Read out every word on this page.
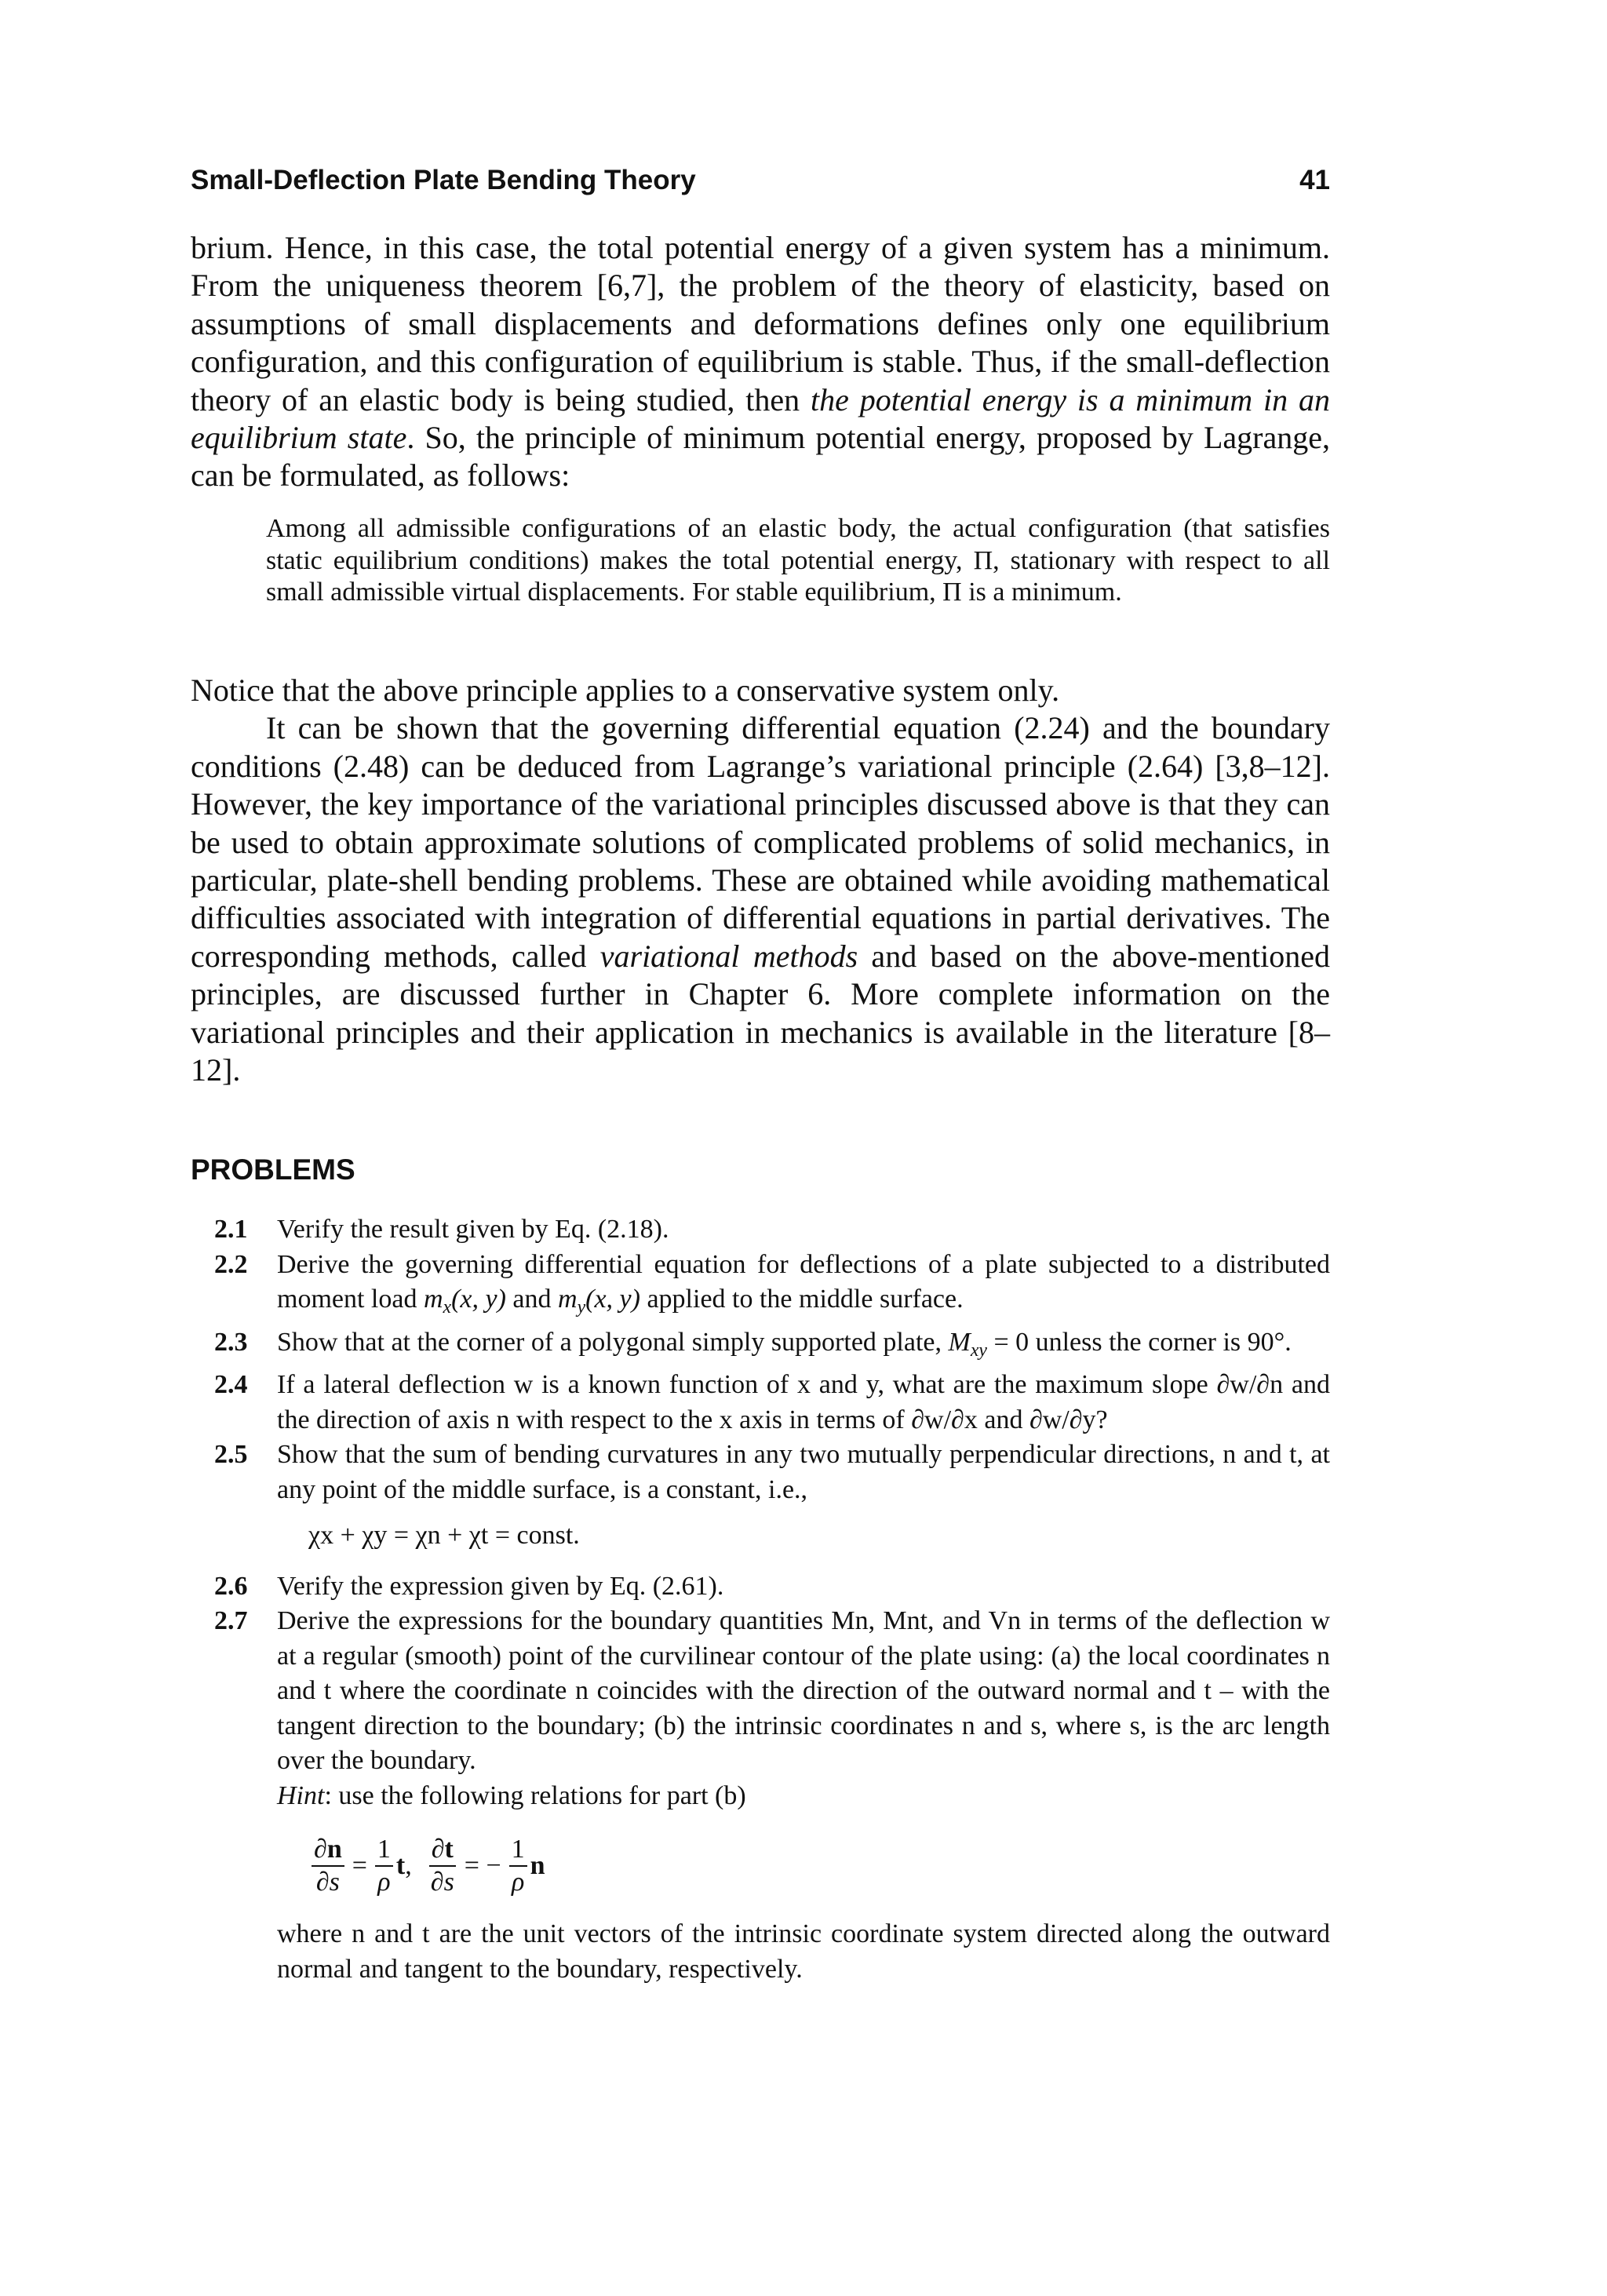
Small-Deflection Plate Bending Theory	41

brium. Hence, in this case, the total potential energy of a given system has a minimum. From the uniqueness theorem [6,7], the problem of the theory of elasticity, based on assumptions of small displacements and deformations defines only one equilibrium configuration, and this configuration of equilibrium is stable. Thus, if the small-deflection theory of an elastic body is being studied, then the potential energy is a minimum in an equilibrium state. So, the principle of minimum potential energy, proposed by Lagrange, can be formulated, as follows:

Among all admissible configurations of an elastic body, the actual configuration (that satisfies static equilibrium conditions) makes the total potential energy, Π, stationary with respect to all small admissible virtual displacements. For stable equilibrium, Π is a minimum.

Notice that the above principle applies to a conservative system only.

It can be shown that the governing differential equation (2.24) and the boundary conditions (2.48) can be deduced from Lagrange’s variational principle (2.64) [3,8–12]. However, the key importance of the variational principles discussed above is that they can be used to obtain approximate solutions of complicated problems of solid mechanics, in particular, plate-shell bending problems. These are obtained while avoiding mathematical difficulties associated with integration of differential equations in partial derivatives. The corresponding methods, called variational methods and based on the above-mentioned principles, are discussed further in Chapter 6. More complete information on the variational principles and their application in mechanics is available in the literature [8–12].

PROBLEMS
2.1 Verify the result given by Eq. (2.18).
2.2 Derive the governing differential equation for deflections of a plate subjected to a distributed moment load $m_x(x$, y) and $m_y(x$, y) applied to the middle surface.
2.3 Show that at the corner of a polygonal simply supported plate, $M_{xy} = 0$ unless the corner is 90°.
2.4 If a lateral deflection w is a known function of x and y, what are the maximum slope ∂w/∂n and the direction of axis n with respect to the x axis in terms of ∂w/∂x and ∂w/∂y?
2.5 Show that the sum of bending curvatures in any two mutually perpendicular directions, n and t, at any point of the middle surface, is a constant, i.e.,
χx + χy = χn + χt = const.
2.6 Verify the expression given by Eq. (2.61).
2.7 Derive the expressions for the boundary quantities Mn, Mnt, and Vn in terms of the deflection w at a regular (smooth) point of the curvilinear contour of the plate using: (a) the local coordinates n and t where the coordinate n coincides with the direction of the outward normal and t – with the tangent direction to the boundary; (b) the intrinsic coordinates n and s, where s, is the arc length over the boundary.
Hint: use the following relations for part (b)
$\frac{\partial n}{\partial s} = \frac{1}{\rho}$ t , $\frac{\partial t}{\partial s}$ = − $\frac{1}{\rho}$ n
where n and t are the unit vectors of the intrinsic coordinate system directed along the outward normal and tangent to the boundary, respectively.
